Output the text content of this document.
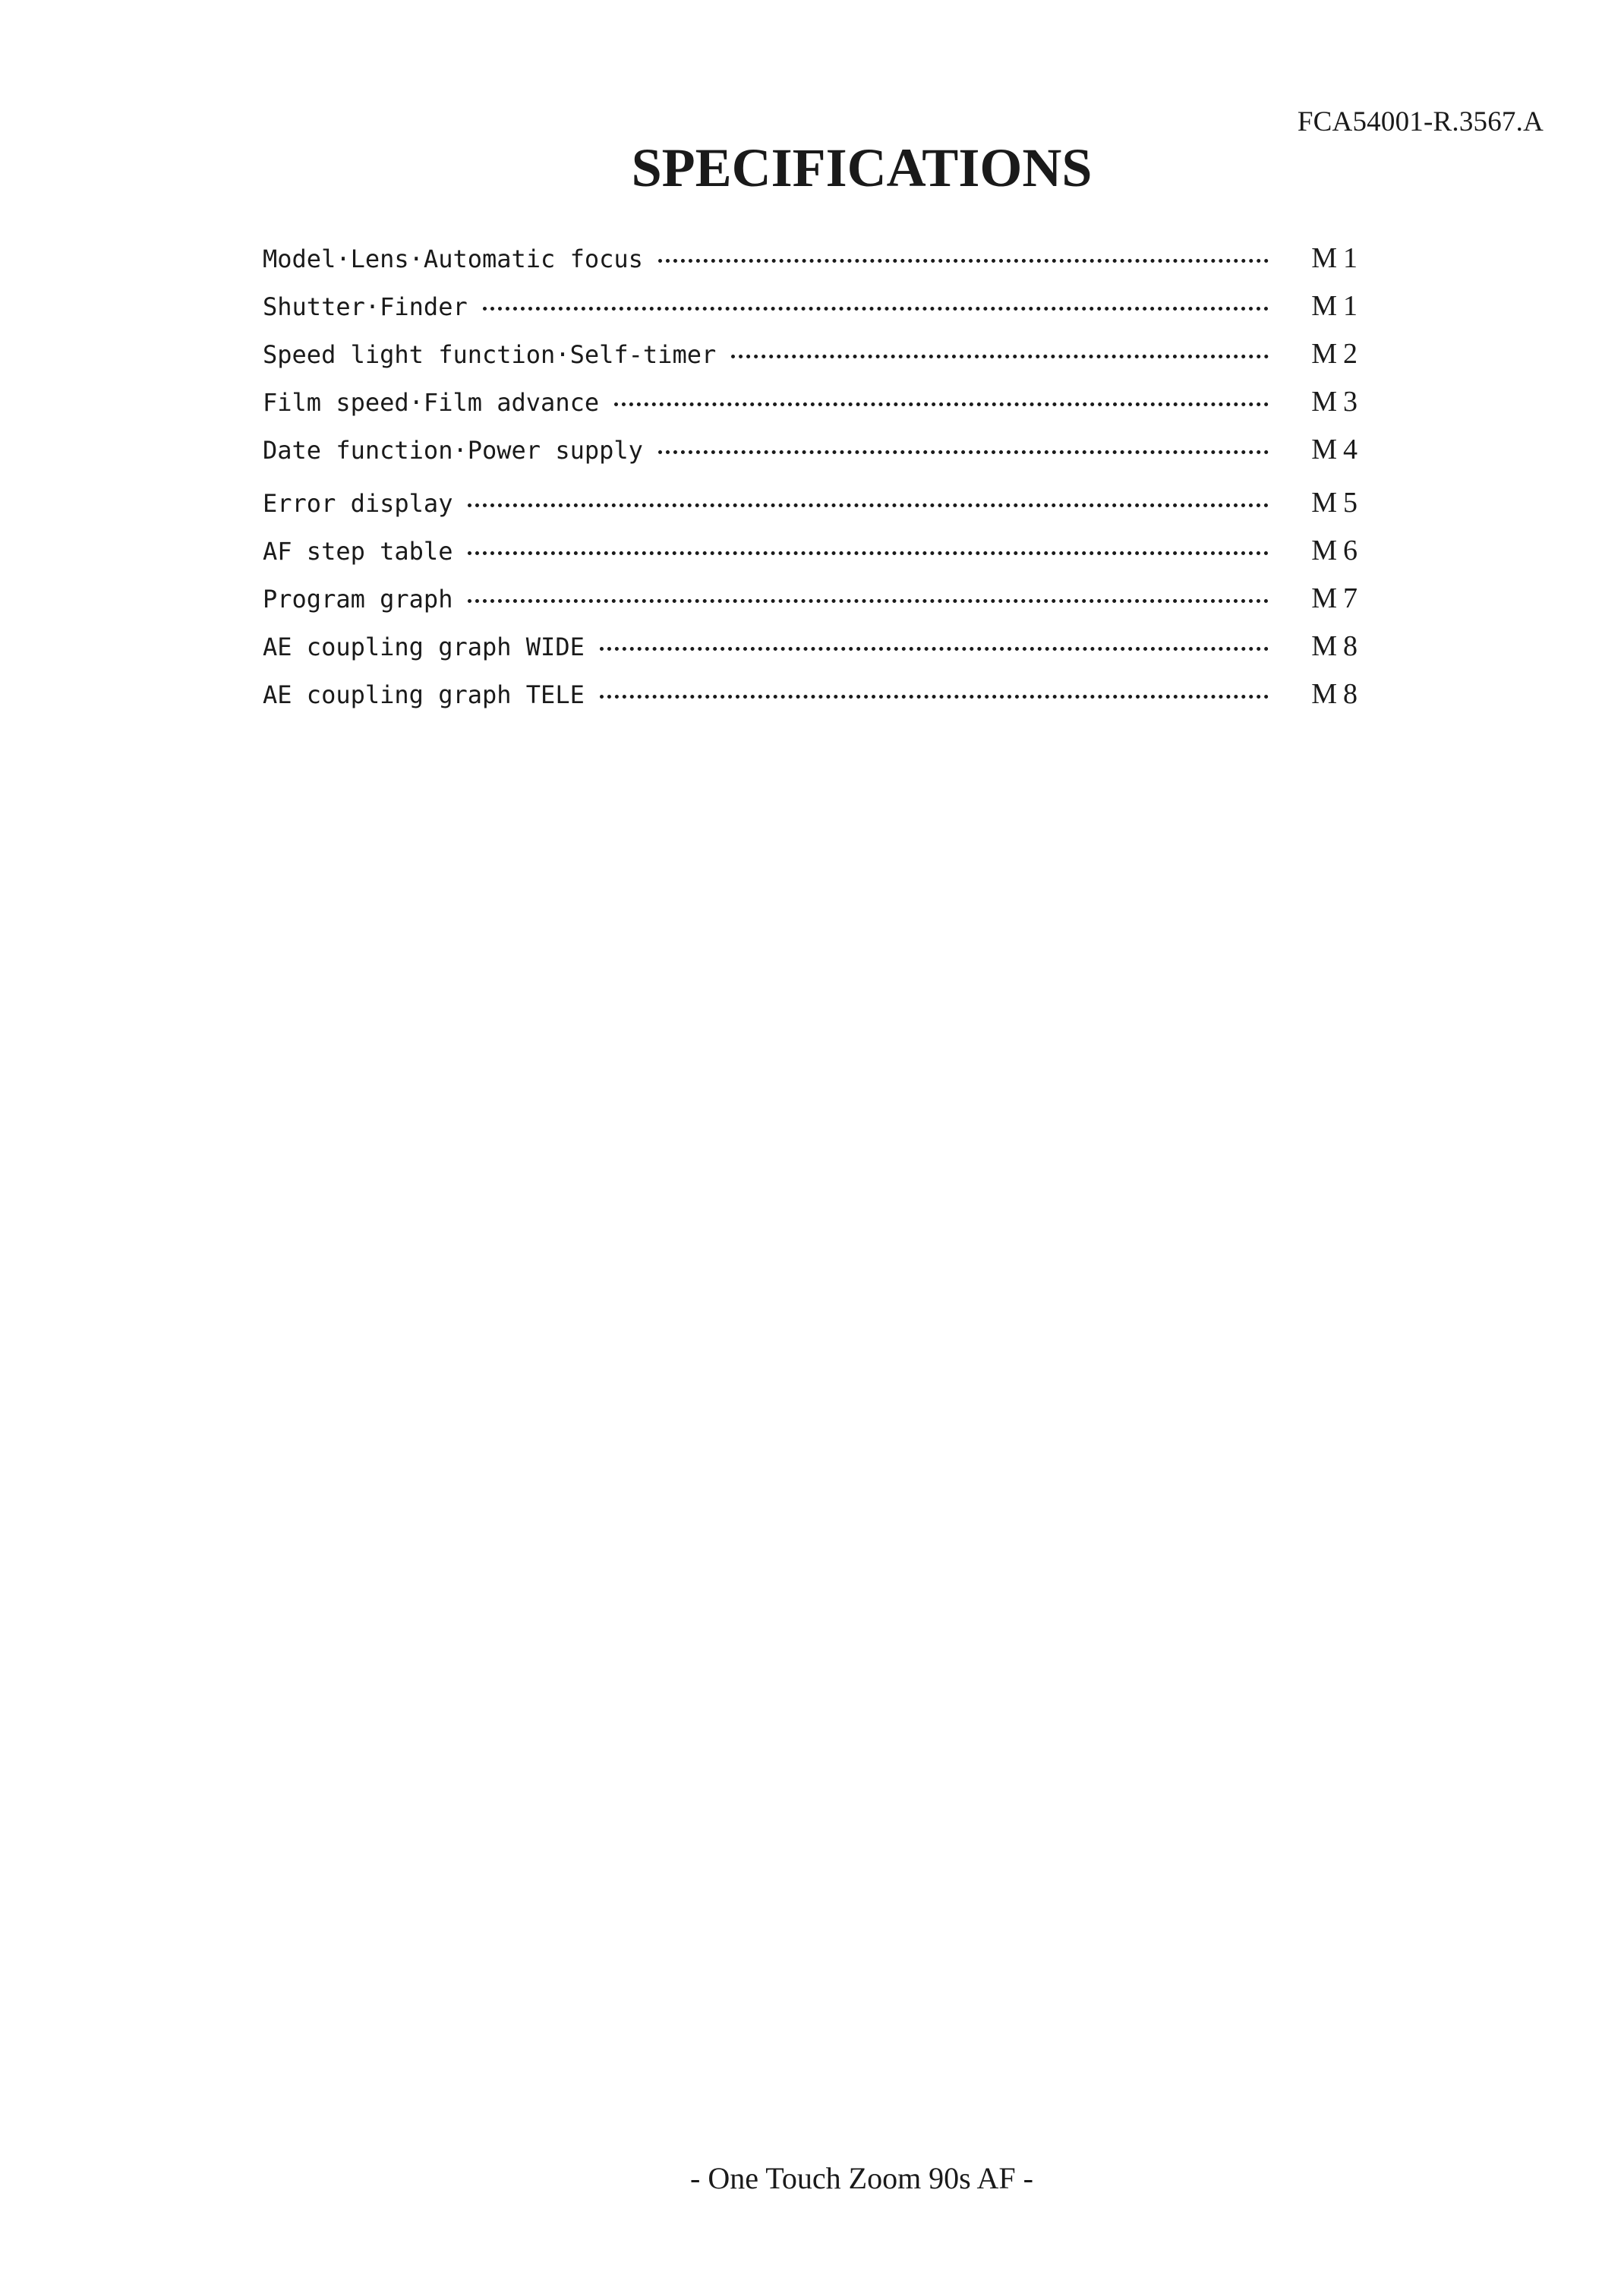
FCA54001-R.3567.A
SPECIFICATIONS
Model·Lens·Automatic focus	M1
Shutter·Finder	M1
Speed light function·Self-timer	M2
Film speed·Film advance	M3
Date function·Power supply	M4
Error display	M5
AF step table	M6
Program graph	M7
AE coupling graph WIDE	M8
AE coupling graph TELE	M8
- One Touch Zoom 90s AF -
